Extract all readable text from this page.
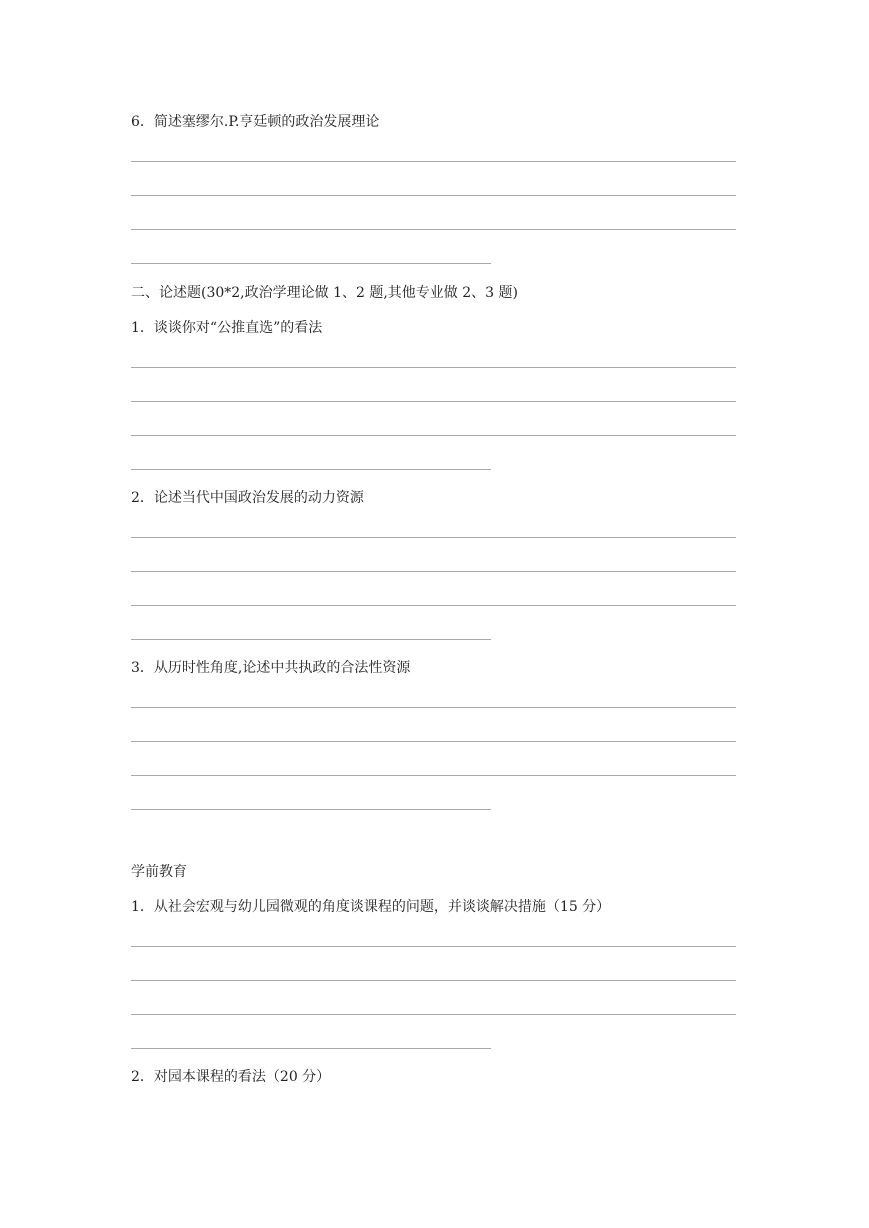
6．简述塞缪尔.P.亨廷顿的政治发展理论

二、论述题(30*2,政治学理论做 1、2 题,其他专业做 2、3 题)

1．谈谈你对“公推直选”的看法

2．论述当代中国政治发展的动力资源

3．从历时性角度,论述中共执政的合法性资源

学前教育

1．从社会宏观与幼儿园微观的角度谈课程的问题，并谈谈解决措施（15 分）

2．对园本课程的看法（20 分）
